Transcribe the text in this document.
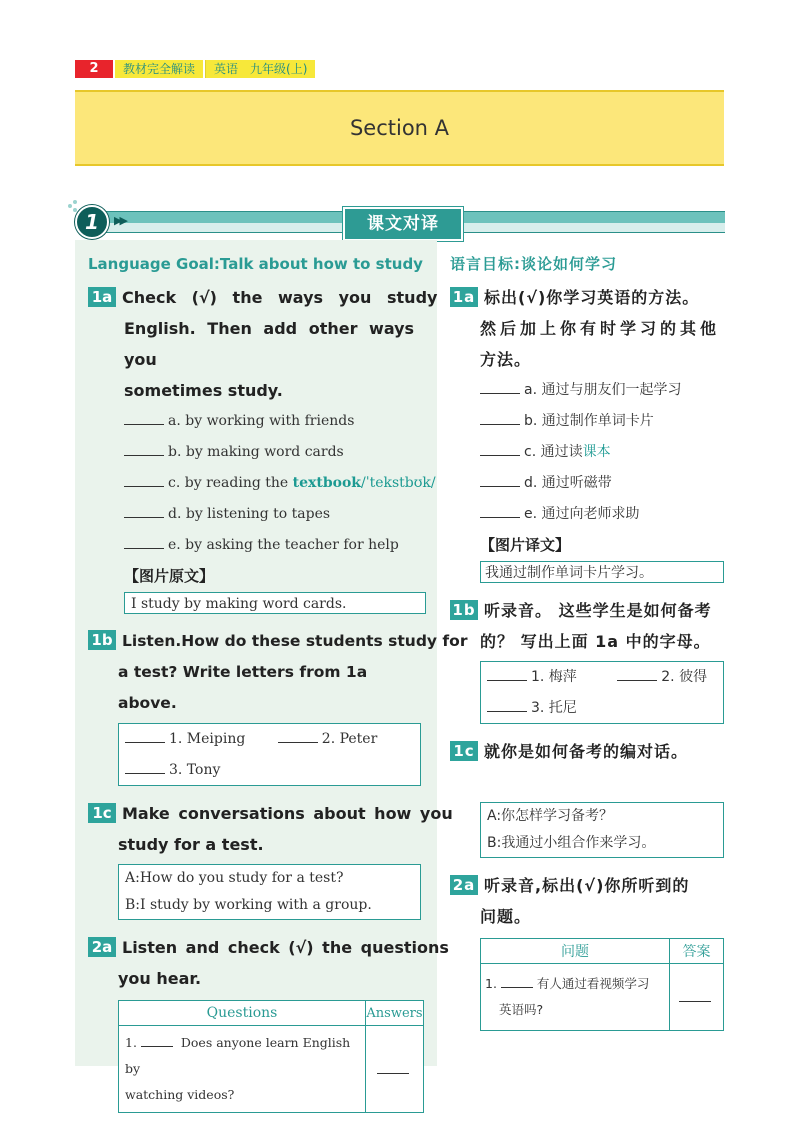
2	教材完全解读	英语　九年级(上)
Section A
1	▶▶	课文对译
Language Goal:Talk about how to study
1a Check (√) the ways you study
English. Then add other ways you
sometimes study.
a. by working with friends
b. by making word cards
c. by reading the textbook/ˈtekstbʊk/
d. by listening to tapes
e. by asking the teacher for help
【图片原文】
I study by making word cards.
1b Listen.How do these students study for
a test? Write letters from 1a above.
1. Meiping	2. Peter
3. Tony
1c Make conversations about how you
study for a test.
A:How do you study for a test?
B:I study by working with a group.
2a Listen and check (√) the questions
you hear.
Questions	Answers
1. Does anyone learn English by
watching videos?	
语言目标:谈论如何学习
1a 标出(√)你学习英语的方法。
然后加上你有时学习的其他
方法。
a. 通过与朋友们一起学习
b. 通过制作单词卡片
c. 通过读课本
d. 通过听磁带
e. 通过向老师求助
【图片译文】
我通过制作单词卡片学习。
1b 听录音。 这些学生是如何备考
的？ 写出上面 1a 中的字母。
1. 梅萍	2. 彼得
3. 托尼
1c 就你是如何备考的编对话。
A:你怎样学习备考？
B:我通过小组合作来学习。
2a 听录音,标出(√)你所听到的
问题。
问题	答案
1. 有人通过看视频学习
英语吗?	
